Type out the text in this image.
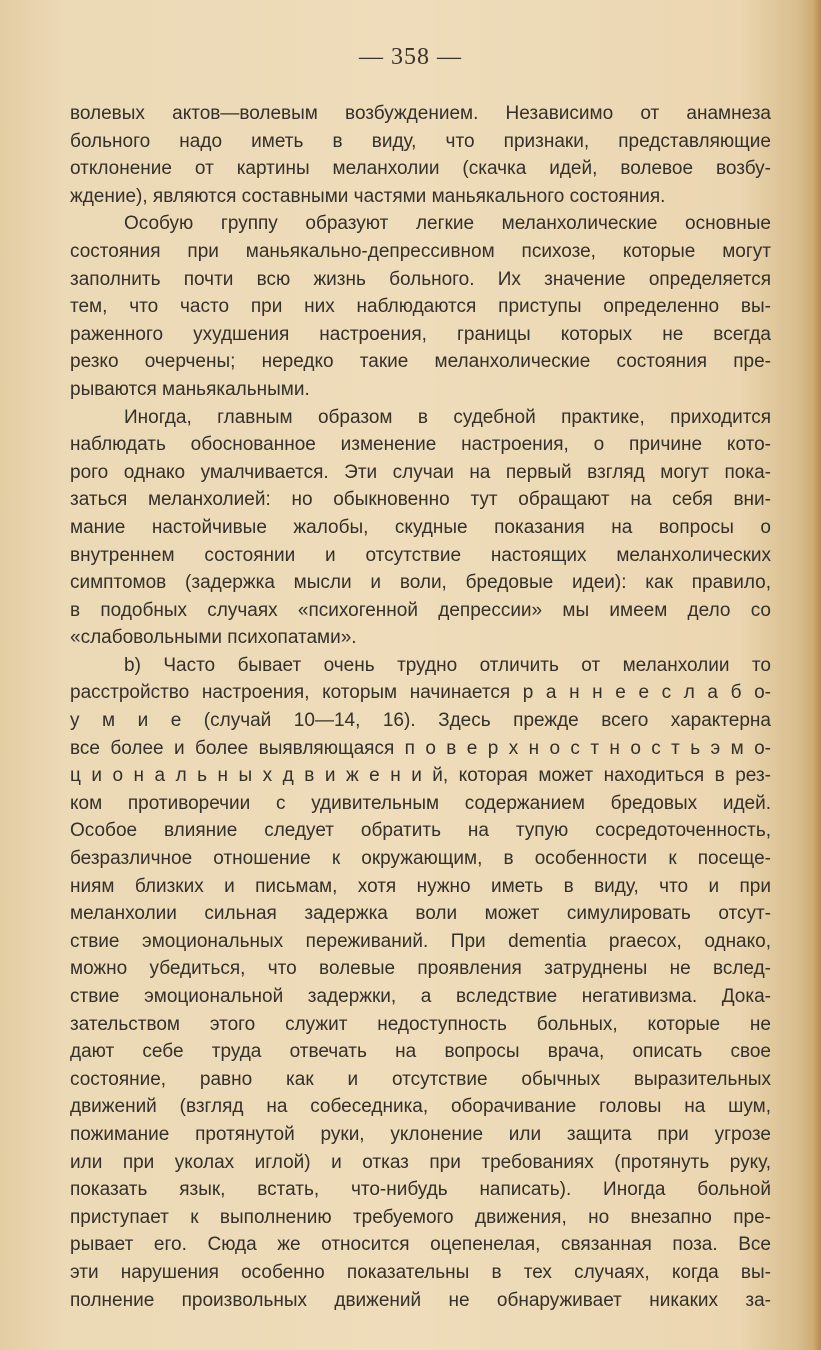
— 358 —
волевых актов—волевым возбуждением. Независимо от анамнеза
больного надо иметь в виду, что признаки, представляющие
отклонение от картины меланхолии (скачка идей, волевое возбу-
ждение), являются составными частями маньякального состояния.
Особую группу образуют легкие меланхолические основные
состояния при маньякально-депрессивном психозе, которые могут
заполнить почти всю жизнь больного. Их значение определяется
тем, что часто при них наблюдаются приступы определенно вы-
раженного ухудшения настроения, границы которых не всегда
резко очерчены; нередко такие меланхолические состояния пре-
рываются маньякальными.
Иногда, главным образом в судебной практике, приходится
наблюдать обоснованное изменение настроения, о причине кото-
рого однако умалчивается. Эти случаи на первый взгляд могут пока-
заться меланхолией: но обыкновенно тут обращают на себя вни-
мание настойчивые жалобы, скудные показания на вопросы о
внутреннем состоянии и отсутствие настоящих меланхолических
симптомов (задержка мысли и воли, бредовые идеи): как правило,
в подобных случаях «психогенной депрессии» мы имеем дело со
«слабовольными психопатами».
b) Часто бывает очень трудно отличить от меланхолии то
расстройство настроения, которым начинается р а н н е е с л а б о-
у м и е (случай 10—14, 16). Здесь прежде всего характерна
все более и более выявляющаяся п о в е р х н о с т н о с т ь э м о-
ц и о н а л ь н ы х д в и ж е н и й, которая может находиться в рез-
ком противоречии с удивительным содержанием бредовых идей.
Особое влияние следует обратить на тупую сосредоточенность,
безразличное отношение к окружающим, в особенности к посеще-
ниям близких и письмам, хотя нужно иметь в виду, что и при
меланхолии сильная задержка воли может симулировать отсут-
ствие эмоциональных переживаний. При dementia praecox, однако,
можно убедиться, что волевые проявления затруднены не вслед-
ствие эмоциональной задержки, а вследствие негативизма. Дока-
зательством этого служит недоступность больных, которые не
дают себе труда отвечать на вопросы врача, описать свое
состояние, равно как и отсутствие обычных выразительных
движений (взгляд на собеседника, оборачивание головы на шум,
пожимание протянутой руки, уклонение или защита при угрозе
или при уколах иглой) и отказ при требованиях (протянуть руку,
показать язык, встать, что-нибудь написать). Иногда больной
приступает к выполнению требуемого движения, но внезапно пре-
рывает его. Сюда же относится оцепенелая, связанная поза. Все
эти нарушения особенно показательны в тех случаях, когда вы-
полнение произвольных движений не обнаруживает никаких за-
